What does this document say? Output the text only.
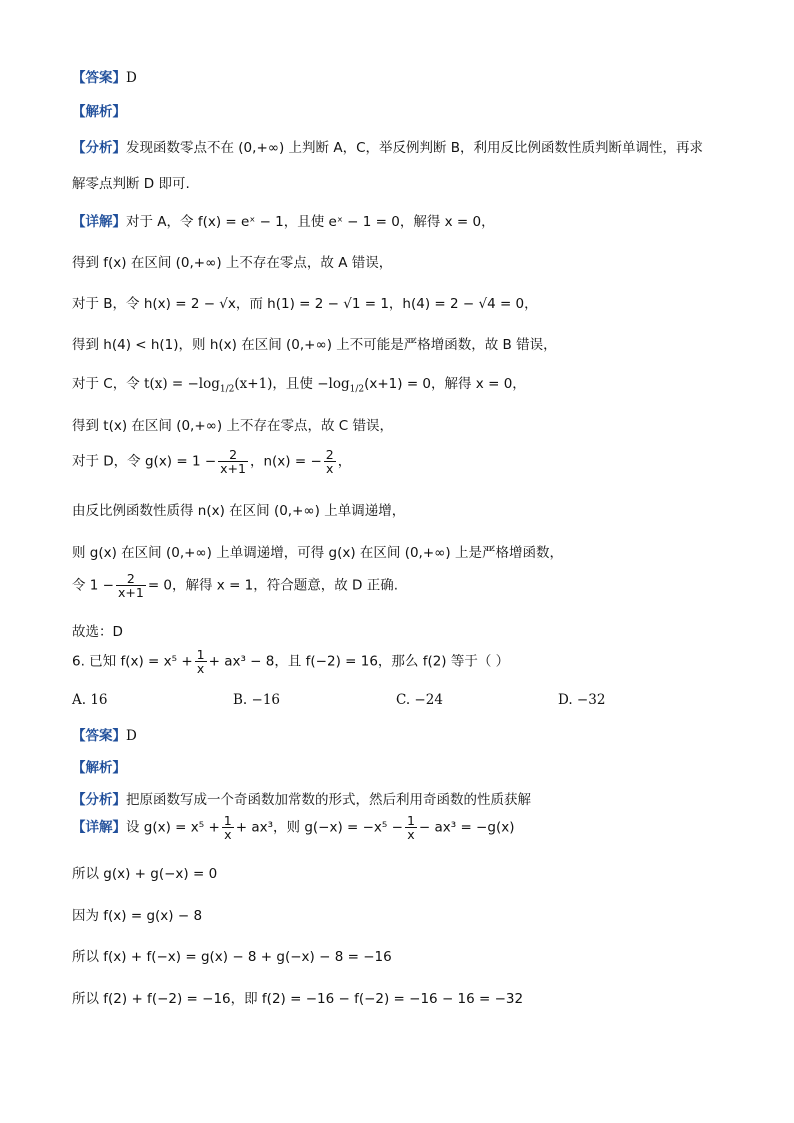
【答案】D
【解析】
【分析】发现函数零点不在 (0,+∞) 上判断 A，C，举反例判断 B，利用反比例函数性质判断单调性，再求
解零点判断 D 即可.
【详解】对于 A，令 f(x) = eˣ − 1，且使 eˣ − 1 = 0，解得 x = 0，
得到 f(x) 在区间 (0,+∞) 上不存在零点，故 A 错误，
对于 B，令 h(x) = 2 − √x，而 h(1) = 2 − √1 = 1，h(4) = 2 − √4 = 0，
得到 h(4) < h(1)，则 h(x) 在区间 (0,+∞) 上不可能是严格增函数，故 B 错误，
对于 C，令 $t(x) = -\log_{1/2}(x+1)$，且使 $-\log_{1/2}(x+1) = 0$，解得 x = 0，
得到 t(x) 在区间 (0,+∞) 上不存在零点，故 C 错误，
对于 D，令 $g(x) = 1 - \frac{2}{x+1}$ ，n(x) = − $\frac{2}{x}$ ，
由反比例函数性质得 n(x) 在区间 (0,+∞) 上单调递增，
则 g(x) 在区间 (0,+∞) 上单调递增，可得 g(x) 在区间 (0,+∞) 上是严格增函数，
令 $1 - \frac{2}{x+1} = 0$，解得 x = 1，符合题意，故 D 正确.
故选：D
6. 已知 $f(x) = x^5 + \frac{1}{x} + ax^3 - 8$，且 f(−2) = 16，那么 f(2) 等于（ ）
A. 16	B. −16	C. −24	D. −32
【答案】D
【解析】
【分析】把原函数写成一个奇函数加常数的形式，然后利用奇函数的性质获解
【详解】设 $g(x) = x^5 + \frac{1}{x} + ax^3$，则 $g(-x) = -x^5 - \frac{1}{x} - ax^3 = -g(x)$
所以 g(x) + g(−x) = 0
因为 f(x) = g(x) − 8
所以 f(x) + f(−x) = g(x) − 8 + g(−x) − 8 = −16
所以 f(2) + f(−2) = −16，即 f(2) = −16 − f(−2) = −16 − 16 = −32
